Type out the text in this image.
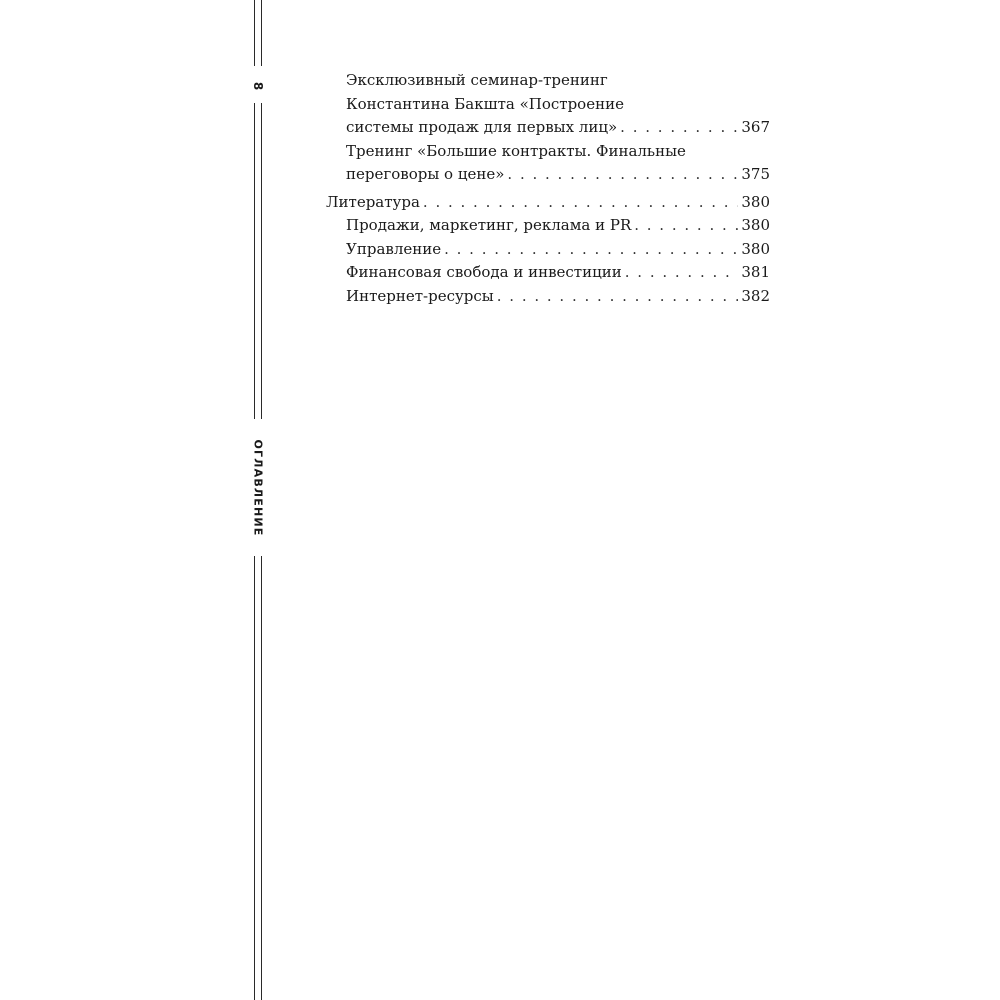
8
ОГЛАВЛЕНИЕ
Эксклюзивный семинар-тренинг
Константина Бакшта «Построение
системы продаж для первых лиц» . . .	367
Тренинг «Большие контракты. Финальные
переговоры о цене» . . .	375
Литература . . .	380
Продажи, маркетинг, реклама и PR . . .	380
Управление . . .	380
Финансовая свобода и инвестиции . . .	381
Интернет-ресурсы . . .	382
